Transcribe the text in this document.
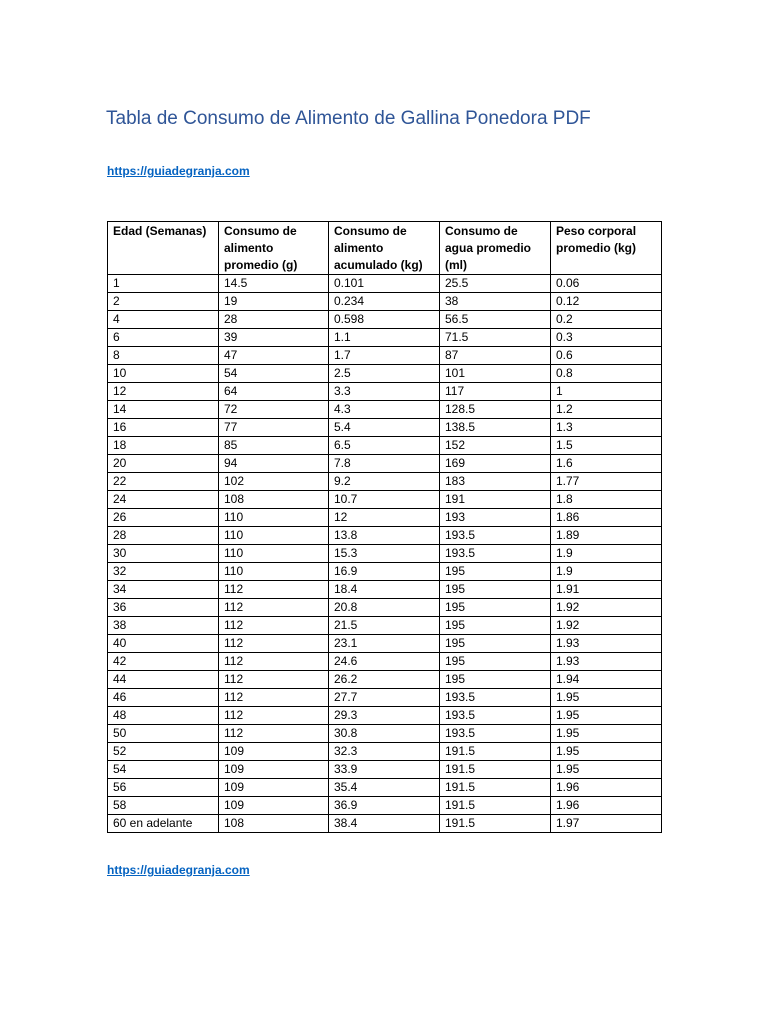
Tabla de Consumo de Alimento de Gallina Ponedora PDF
https://guiadegranja.com
Edad (Semanas)	Consumo de alimento promedio (g)	Consumo de alimento acumulado (kg)	Consumo de agua promedio (ml)	Peso corporal promedio (kg)
1	14.5	0.101	25.5	0.06
2	19	0.234	38	0.12
4	28	0.598	56.5	0.2
6	39	1.1	71.5	0.3
8	47	1.7	87	0.6
10	54	2.5	101	0.8
12	64	3.3	117	1
14	72	4.3	128.5	1.2
16	77	5.4	138.5	1.3
18	85	6.5	152	1.5
20	94	7.8	169	1.6
22	102	9.2	183	1.77
24	108	10.7	191	1.8
26	110	12	193	1.86
28	110	13.8	193.5	1.89
30	110	15.3	193.5	1.9
32	110	16.9	195	1.9
34	112	18.4	195	1.91
36	112	20.8	195	1.92
38	112	21.5	195	1.92
40	112	23.1	195	1.93
42	112	24.6	195	1.93
44	112	26.2	195	1.94
46	112	27.7	193.5	1.95
48	112	29.3	193.5	1.95
50	112	30.8	193.5	1.95
52	109	32.3	191.5	1.95
54	109	33.9	191.5	1.95
56	109	35.4	191.5	1.96
58	109	36.9	191.5	1.96
60 en adelante	108	38.4	191.5	1.97
https://guiadegranja.com
